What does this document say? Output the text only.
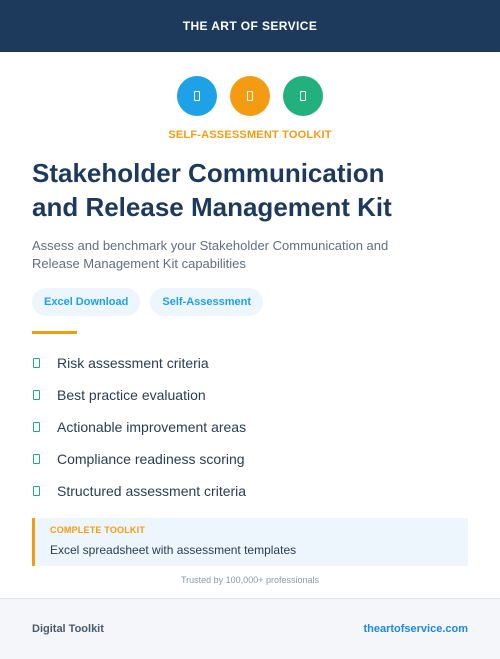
THE ART OF SERVICE
SELF-ASSESSMENT TOOLKIT
Stakeholder Communication
and Release Management Kit

Assess and benchmark your Stakeholder Communication and
Release Management Kit capabilities

Excel Download	Self-Assessment
Risk assessment criteria
Best practice evaluation
Actionable improvement areas
Compliance readiness scoring
Structured assessment criteria
COMPLETE TOOLKIT
Excel spreadsheet with assessment templates
Trusted by 100,000+ professionals
Digital Toolkit	theartofservice.com
